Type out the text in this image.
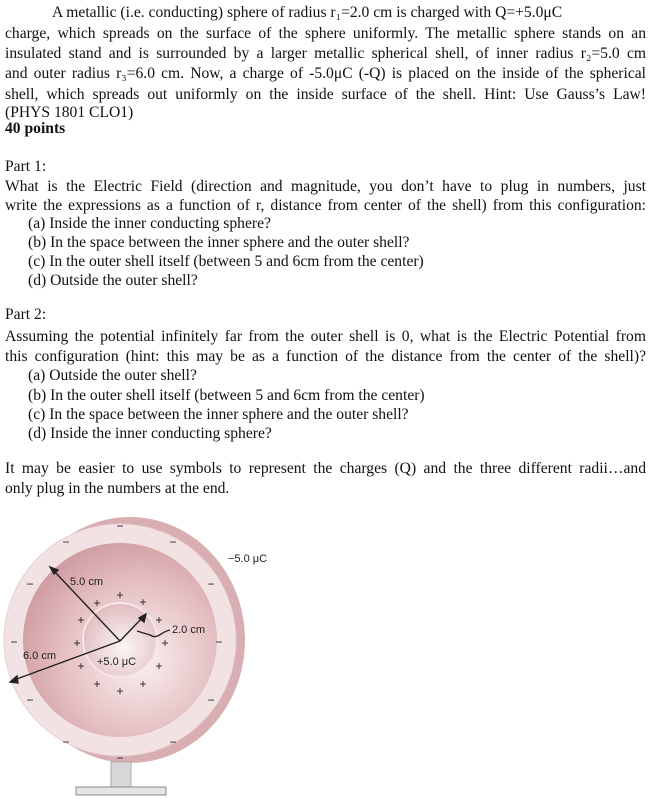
A metallic (i.e. conducting) sphere of radius r₁=2.0 cm is charged with Q=+5.0μC
charge, which spreads on the surface of the sphere uniformly. The metallic sphere stands on an
insulated stand and is surrounded by a larger metallic spherical shell, of inner radius r₂=5.0 cm
and outer radius r₃=6.0 cm. Now, a charge of -5.0μC (-Q) is placed on the inside of the spherical
shell, which spreads out uniformly on the inside surface of the shell. Hint: Use Gauss’s Law!
(PHYS 1801 CLO1)
40 points
Part 1:
What is the Electric Field (direction and magnitude, you don’t have to plug in numbers, just
write the expressions as a function of r, distance from center of the shell) from this configuration:
(a) Inside the inner conducting sphere?
(b) In the space between the inner sphere and the outer shell?
(c) In the outer shell itself (between 5 and 6cm from the center)
(d) Outside the outer shell?
Part 2:
Assuming the potential infinitely far from the outer shell is 0, what is the Electric Potential from
this configuration (hint: this may be as a function of the distance from the center of the shell)?
(a) Outside the outer shell?
(b) In the outer shell itself (between 5 and 6cm from the center)
(c) In the space between the inner sphere and the outer shell?
(d) Inside the inner conducting sphere?
It may be easier to use symbols to represent the charges (Q) and the three different radii…and
only plug in the numbers at the end.
−
−	−
−	−
−	−
−	−
−	−
−
+
+	+
+	+
+	+
+	+
+	+
+
−5.0 μC
5.0 cm
6.0 cm
2.0 cm
+5.0 μC
